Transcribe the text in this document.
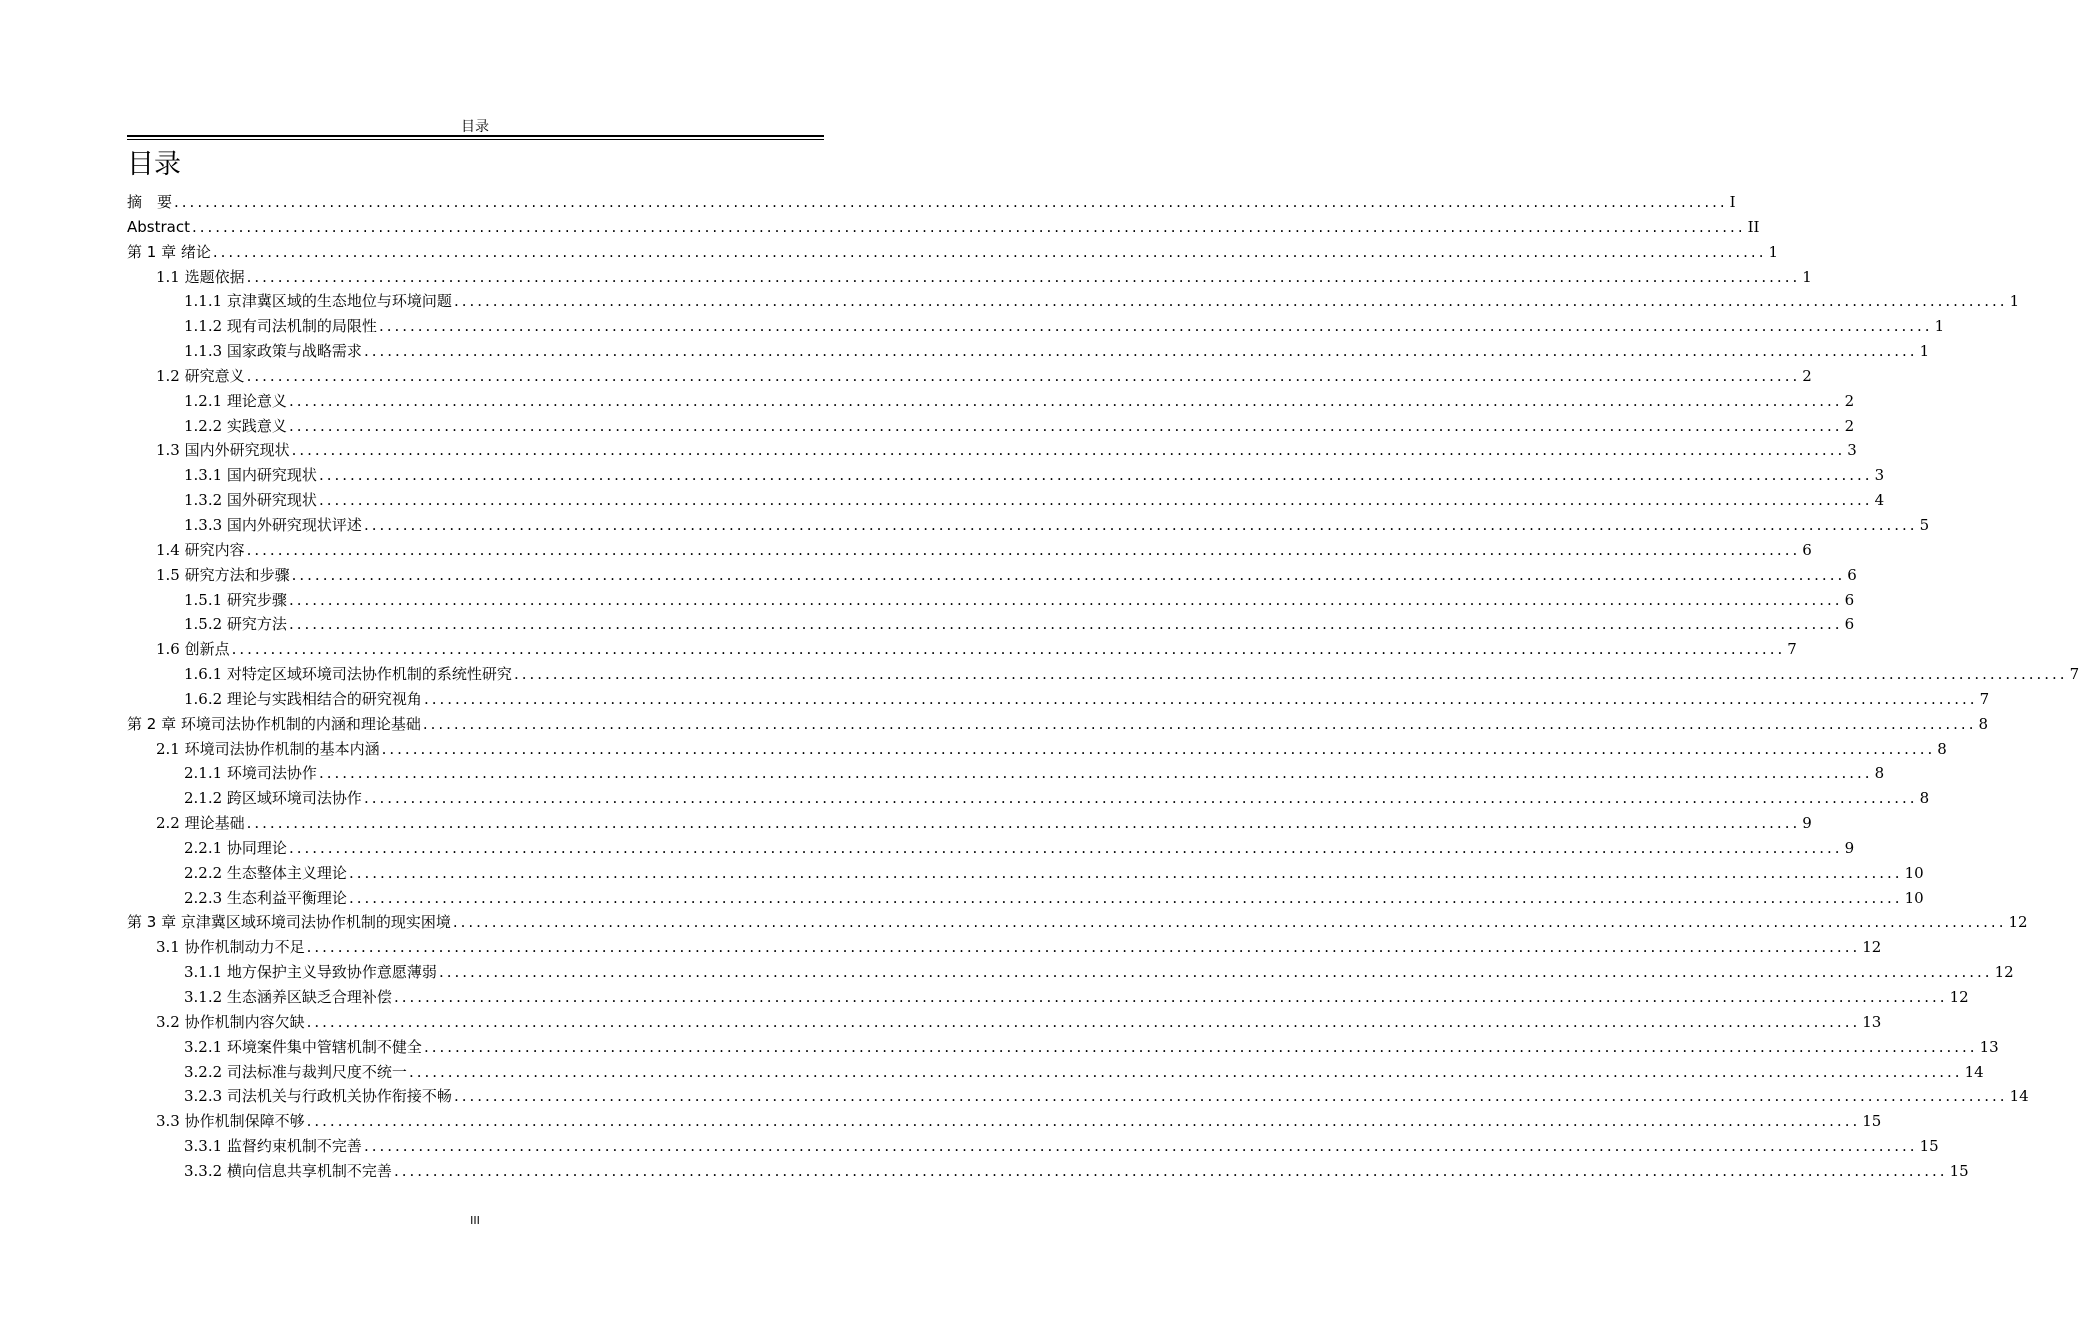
目录
目录
摘　要 ........................................................................................................................................................................................................ I
Abstract ........................................................................................................................................................................................................ II
第 1 章 绪论 ........................................................................................................................................................................................................ 1
1.1 选题依据 ........................................................................................................................................................................................................ 1
1.1.1 京津冀区域的生态地位与环境问题 ........................................................................................................................................................................................................ 1
1.1.2 现有司法机制的局限性 ........................................................................................................................................................................................................ 1
1.1.3 国家政策与战略需求 ........................................................................................................................................................................................................ 1
1.2 研究意义 ........................................................................................................................................................................................................ 2
1.2.1 理论意义 ........................................................................................................................................................................................................ 2
1.2.2 实践意义 ........................................................................................................................................................................................................ 2
1.3 国内外研究现状 ........................................................................................................................................................................................................ 3
1.3.1 国内研究现状 ........................................................................................................................................................................................................ 3
1.3.2 国外研究现状 ........................................................................................................................................................................................................ 4
1.3.3 国内外研究现状评述 ........................................................................................................................................................................................................ 5
1.4 研究内容 ........................................................................................................................................................................................................ 6
1.5 研究方法和步骤 ........................................................................................................................................................................................................ 6
1.5.1 研究步骤 ........................................................................................................................................................................................................ 6
1.5.2 研究方法 ........................................................................................................................................................................................................ 6
1.6 创新点 ........................................................................................................................................................................................................ 7
1.6.1 对特定区域环境司法协作机制的系统性研究 ........................................................................................................................................................................................................ 7
1.6.2 理论与实践相结合的研究视角 ........................................................................................................................................................................................................ 7
第 2 章 环境司法协作机制的内涵和理论基础 ........................................................................................................................................................................................................ 8
2.1 环境司法协作机制的基本内涵 ........................................................................................................................................................................................................ 8
2.1.1 环境司法协作 ........................................................................................................................................................................................................ 8
2.1.2 跨区域环境司法协作 ........................................................................................................................................................................................................ 8
2.2 理论基础 ........................................................................................................................................................................................................ 9
2.2.1 协同理论 ........................................................................................................................................................................................................ 9
2.2.2 生态整体主义理论 ........................................................................................................................................................................................................ 10
2.2.3 生态利益平衡理论 ........................................................................................................................................................................................................ 10
第 3 章 京津冀区域环境司法协作机制的现实困境 ........................................................................................................................................................................................................ 12
3.1 协作机制动力不足 ........................................................................................................................................................................................................ 12
3.1.1 地方保护主义导致协作意愿薄弱 ........................................................................................................................................................................................................ 12
3.1.2 生态涵养区缺乏合理补偿 ........................................................................................................................................................................................................ 12
3.2 协作机制内容欠缺 ........................................................................................................................................................................................................ 13
3.2.1 环境案件集中管辖机制不健全 ........................................................................................................................................................................................................ 13
3.2.2 司法标准与裁判尺度不统一 ........................................................................................................................................................................................................ 14
3.2.3 司法机关与行政机关协作衔接不畅 ........................................................................................................................................................................................................ 14
3.3 协作机制保障不够 ........................................................................................................................................................................................................ 15
3.3.1 监督约束机制不完善 ........................................................................................................................................................................................................ 15
3.3.2 横向信息共享机制不完善 ........................................................................................................................................................................................................ 15
III
